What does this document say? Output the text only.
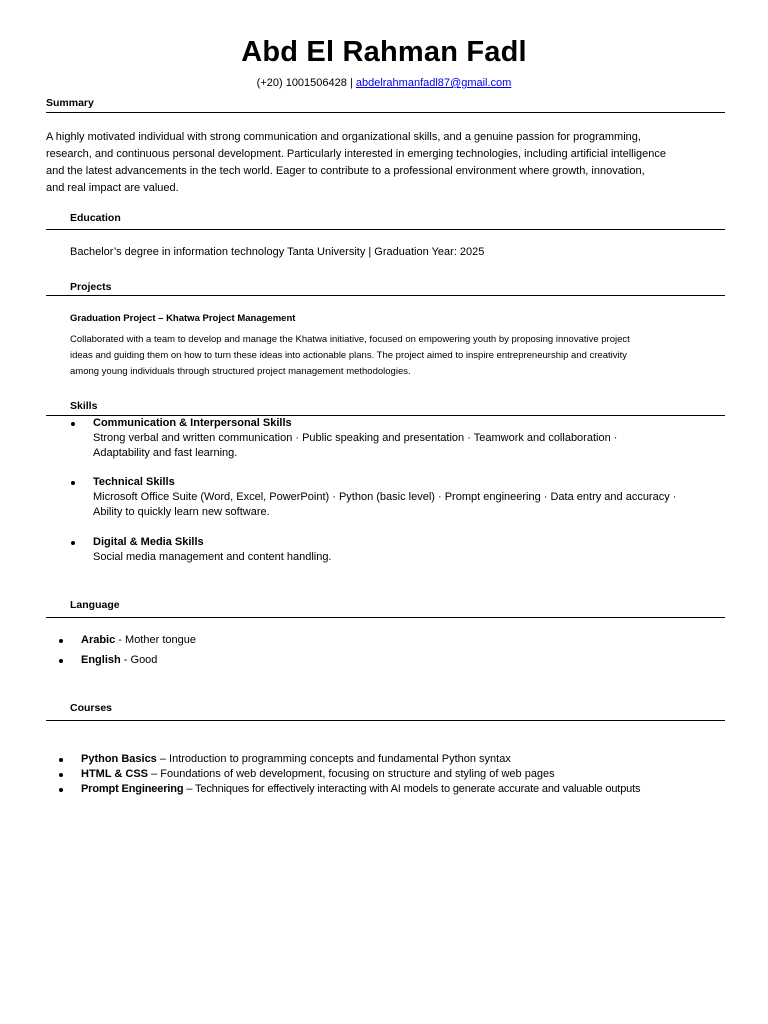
Abd El Rahman Fadl
(+20) 1001506428 | abdelrahmanfadl87@gmail.com
Summary
A highly motivated individual with strong communication and organizational skills, and a genuine passion for programming,
research, and continuous personal development. Particularly interested in emerging technologies, including artificial intelligence
and the latest advancements in the tech world. Eager to contribute to a professional environment where growth, innovation,
and real impact are valued.
Education
Bachelor’s degree in information technology Tanta University | Graduation Year: 2025
Projects
Graduation Project – Khatwa Project Management
Collaborated with a team to develop and manage the Khatwa initiative, focused on empowering youth by proposing innovative project
ideas and guiding them on how to turn these ideas into actionable plans. The project aimed to inspire entrepreneurship and creativity
among young individuals through structured project management methodologies.
Skills
Communication & Interpersonal Skills
Strong verbal and written communication · Public speaking and presentation · Teamwork and collaboration ·
Adaptability and fast learning.
Technical Skills
Microsoft Office Suite (Word, Excel, PowerPoint) · Python (basic level) · Prompt engineering · Data entry and accuracy ·
Ability to quickly learn new software.
Digital & Media Skills
Social media management and content handling.
Language
Arabic - Mother tongue
English - Good
Courses
Python Basics – Introduction to programming concepts and fundamental Python syntax
HTML & CSS – Foundations of web development, focusing on structure and styling of web pages
Prompt Engineering – Techniques for effectively interacting with AI models to generate accurate and valuable outputs
